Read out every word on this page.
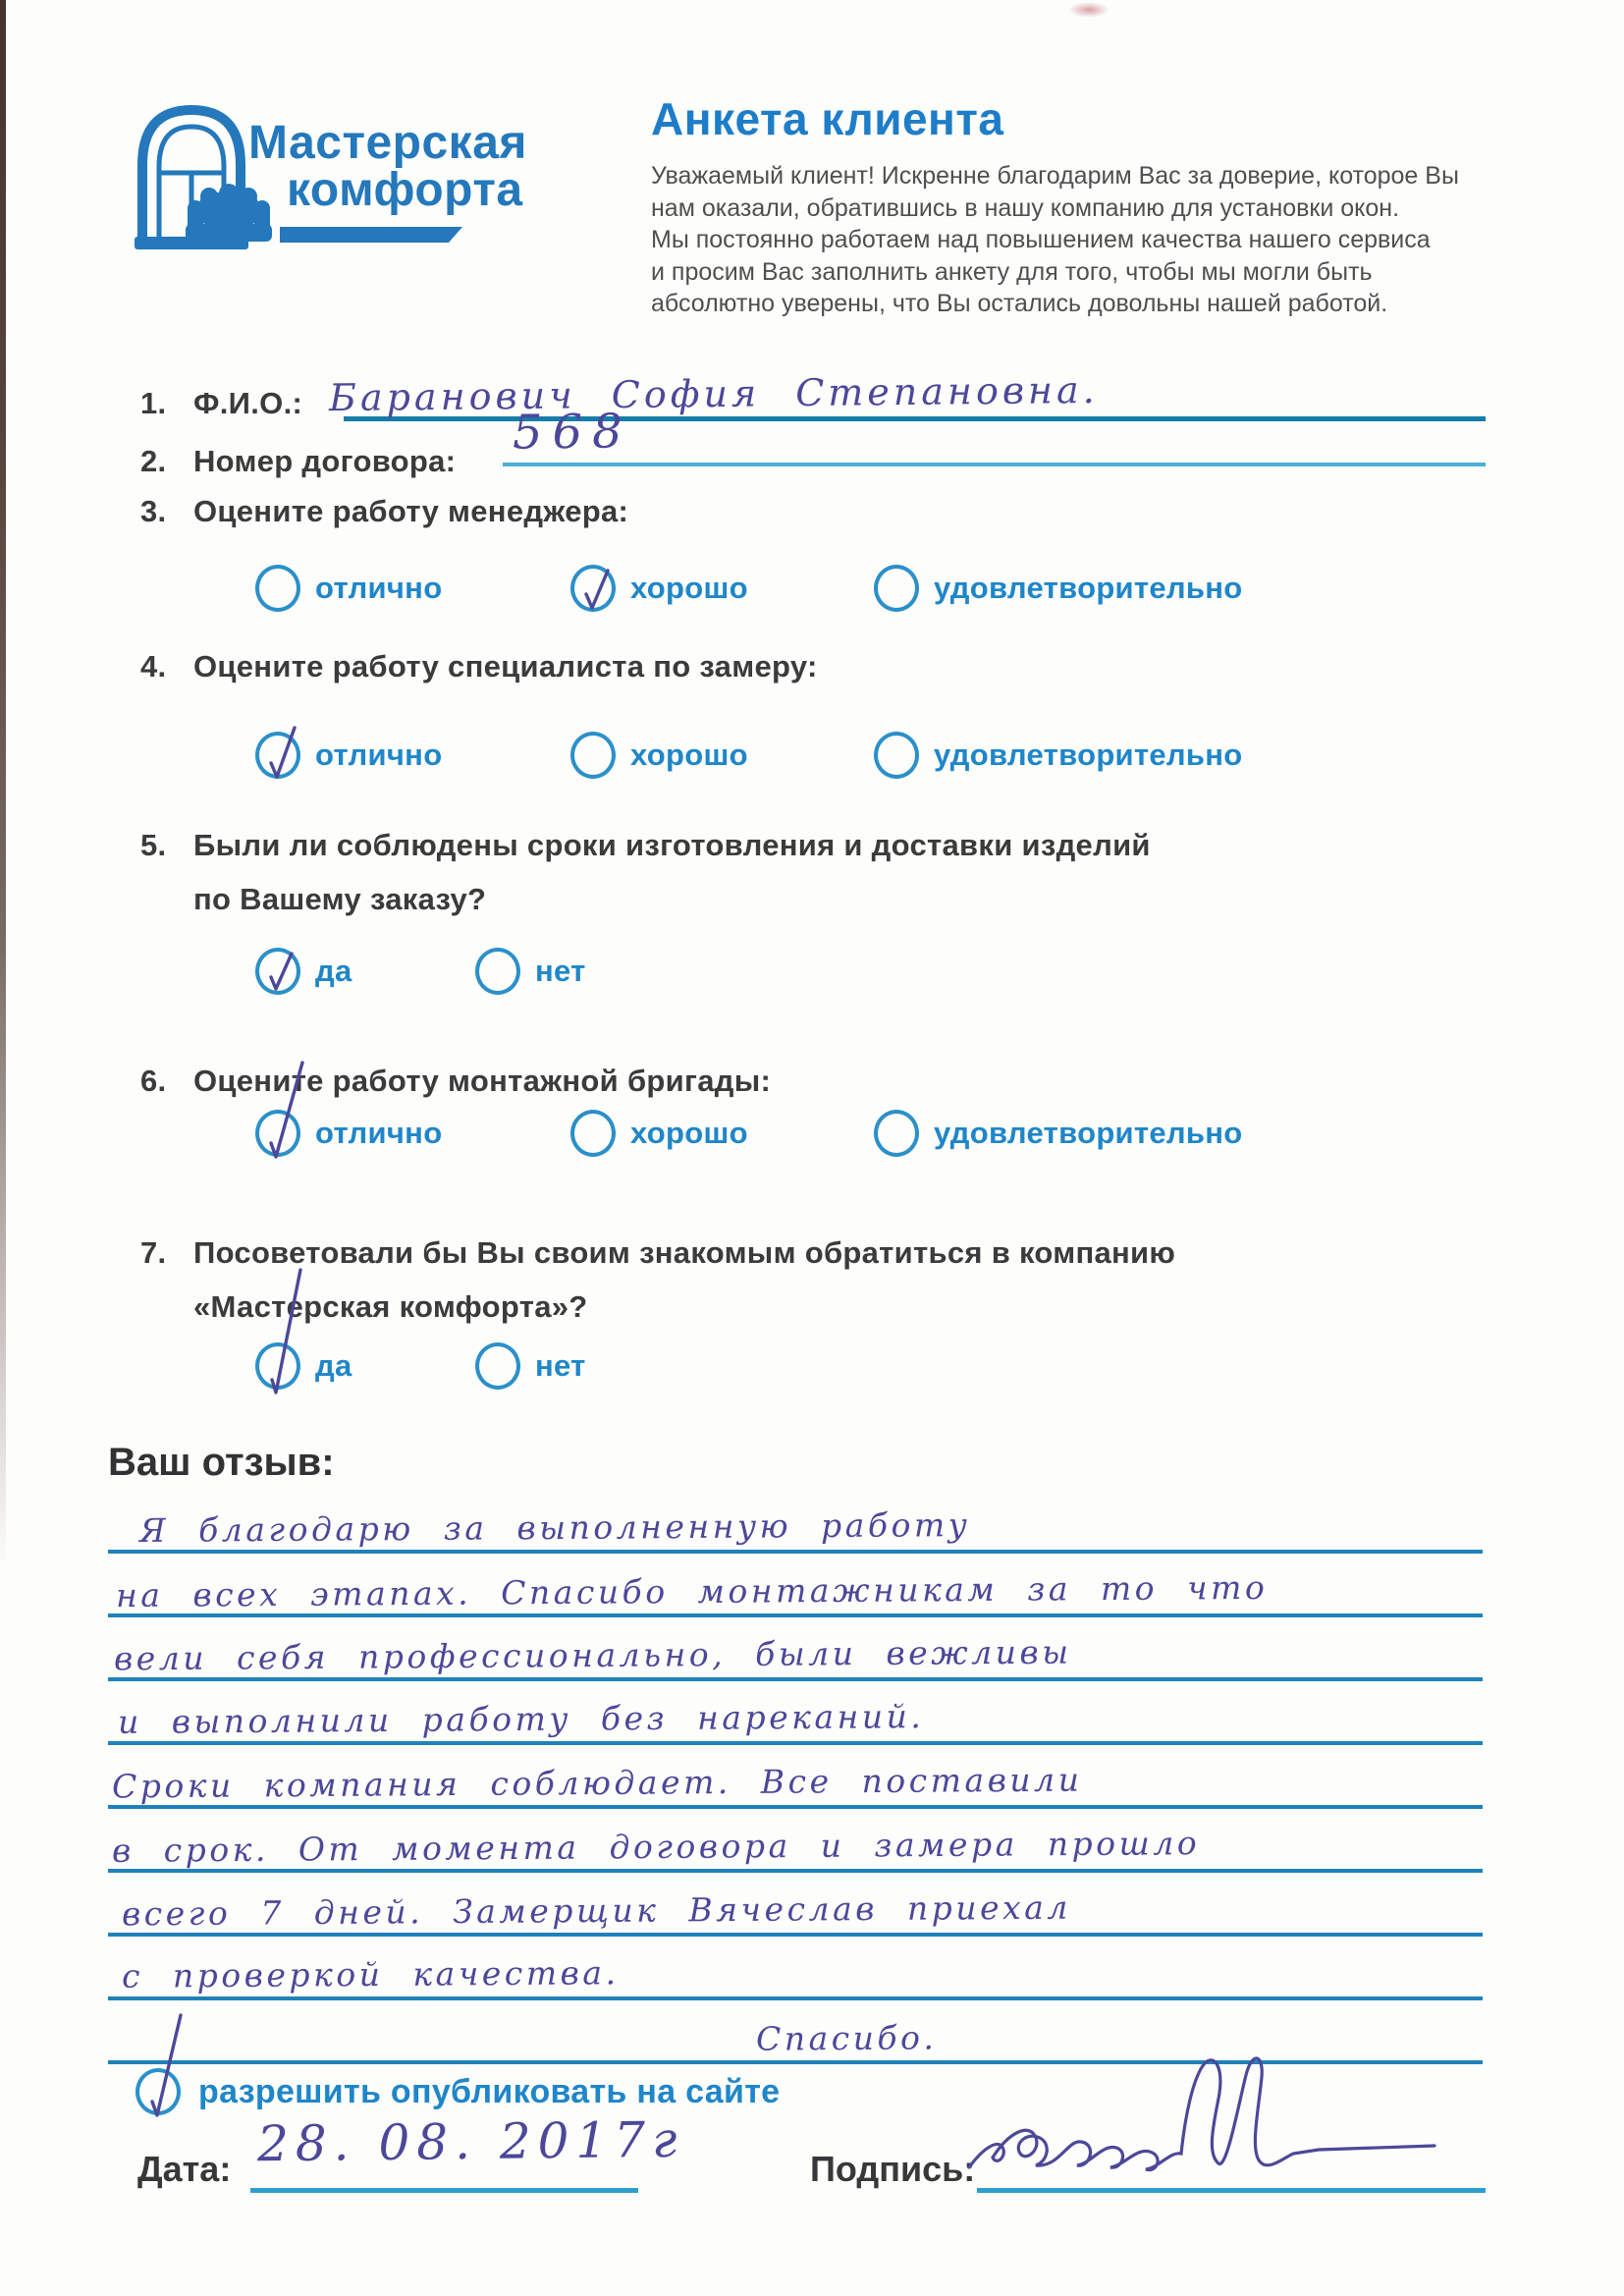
Мастерская
комфорта
Анкета клиента
Уважаемый клиент! Искренне благодарим Вас за доверие, которое Вы
нам оказали, обратившись в нашу компанию для установки окон.
Мы постоянно работаем над повышением качества нашего сервиса
и просим Вас заполнить анкету для того, чтобы мы могли быть
абсолютно уверены, что Вы остались довольны нашей работой.
1. Ф.И.О.: Баранович София Степановна.
2. Номер договора:
568
3. Оцените работу менеджера:
отлично	хорошо	удовлетворительно
4. Оцените работу специалиста по замеру:
отлично	хорошо	удовлетворительно
5. Были ли соблюдены сроки изготовления и доставки изделий
по Вашему заказу?
да	нет
6. Оцените работу монтажной бригады:
отлично	хорошо	удовлетворительно
7. Посоветовали бы Вы своим знакомым обратиться в компанию
«Мастерская комфорта»?
да	нет
Ваш отзыв:
Я благодарю за выполненную работу
на всех этапах. Спасибо монтажникам за то что
вели себя профессионально, были вежливы
и выполнили работу без нареканий.
Сроки компания соблюдает. Все поставили
в срок. От момента договора и замера прошло
всего 7 дней. Замерщик Вячеслав приехал
с проверкой качества.
Спасибо.
разрешить опубликовать на сайте
Дата: 28. 08. 2017г	Подпись:
